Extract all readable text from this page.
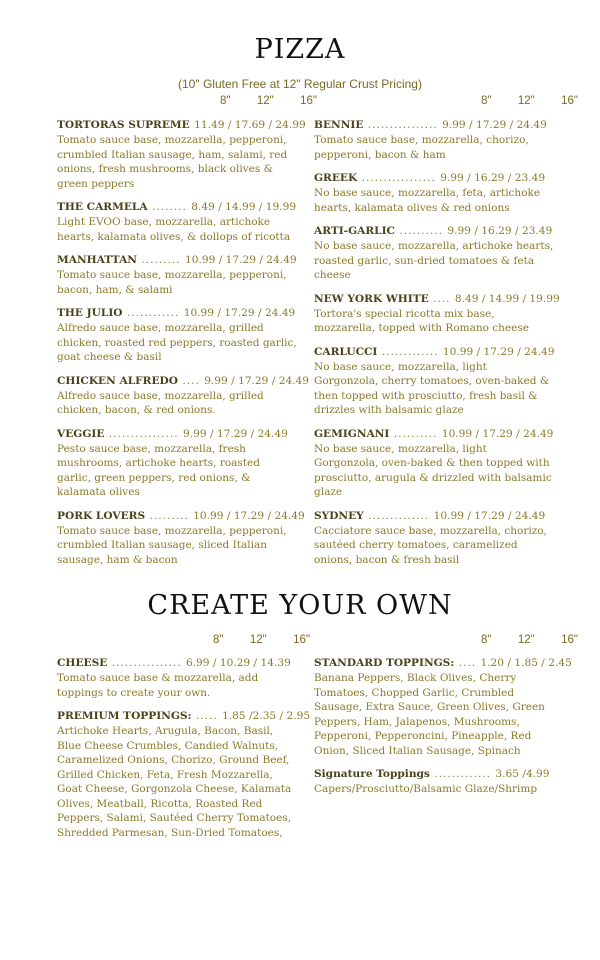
PIZZA
(10" Gluten Free at 12" Regular Crust Pricing)
8"  12"  16"	8"  12"  16"
TORTORAS SUPREME 11.49 / 17.69 / 24.99
Tomato sauce base, mozzarella, pepperoni, crumbled Italian sausage, ham, salami, red onions, fresh mushrooms, black olives & green peppers
THE CARMELA ........ 8.49 / 14.99 / 19.99
Light EVOO base, mozzarella, artichoke hearts, kalamata olives, & dollops of ricotta
MANHATTAN ......... 10.99 / 17.29 / 24.49
Tomato sauce base, mozzarella, pepperoni, bacon, ham, & salami
THE JULIO ............ 10.99 / 17.29 / 24.49
Alfredo sauce base, mozzarella, grilled chicken, roasted red peppers, roasted garlic, goat cheese & basil
CHICKEN ALFREDO .... 9.99 / 17.29 / 24.49
Alfredo sauce base, mozzarella, grilled chicken, bacon, & red onions.
VEGGIE ................ 9.99 / 17.29 / 24.49
Pesto sauce base, mozzarella, fresh mushrooms, artichoke hearts, roasted garlic, green peppers, red onions, & kalamata olives
PORK LOVERS ......... 10.99 / 17.29 / 24.49
Tomato sauce base, mozzarella, pepperoni, crumbled Italian sausage, sliced Italian sausage, ham & bacon
BENNIE ................ 9.99 / 17.29 / 24.49
Tomato sauce base, mozzarella, chorizo, pepperoni, bacon & ham
GREEK ................. 9.99 / 16.29 / 23.49
No base sauce, mozzarella, feta, artichoke hearts, kalamata olives & red onions
ARTI-GARLIC .......... 9.99 / 16.29 / 23.49
No base sauce, mozzarella, artichoke hearts, roasted garlic, sun-dried tomatoes & feta cheese
NEW YORK WHITE .... 8.49 / 14.99 / 19.99
Tortora's special ricotta mix base, mozzarella, topped with Romano cheese
CARLUCCI ............. 10.99 / 17.29 / 24.49
No base sauce, mozzarella, light Gorgonzola, cherry tomatoes, oven-baked & then topped with prosciutto, fresh basil & drizzles with balsamic glaze
GEMIGNANI .......... 10.99 / 17.29 / 24.49
No base sauce, mozzarella, light Gorgonzola, oven-baked & then topped with prosciutto, arugula & drizzled with balsamic glaze
SYDNEY .............. 10.99 / 17.29 / 24.49
Cacciatore sauce base, mozzarella, chorizo, sautéed cherry tomatoes, caramelized onions, bacon & fresh basil
CREATE YOUR OWN
8"  12"  16"	8"  12"  16"
CHEESE ................ 6.99 / 10.29 / 14.39
Tomato sauce base & mozzarella, add toppings to create your own.
PREMIUM TOPPINGS: ..... 1.85 /2.35 / 2.95
Artichoke Hearts, Arugula, Bacon, Basil, Blue Cheese Crumbles, Candied Walnuts, Caramelized Onions, Chorizo, Ground Beef, Grilled Chicken, Feta, Fresh Mozzarella, Goat Cheese, Gorgonzola Cheese, Kalamata Olives, Meatball, Ricotta, Roasted Red Peppers, Salami, Sautéed Cherry Tomatoes, Shredded Parmesan, Sun-Dried Tomatoes,
STANDARD TOPPINGS: .... 1.20 / 1.85 / 2.45
Banana Peppers, Black Olives, Cherry Tomatoes, Chopped Garlic, Crumbled Sausage, Extra Sauce, Green Olives, Green Peppers, Ham, Jalapenos, Mushrooms, Pepperoni, Pepperoncini, Pineapple, Red Onion, Sliced Italian Sausage, Spinach
Signature Toppings ............. 3.65 /4.99
Capers/Prosciutto/Balsamic Glaze/Shrimp
